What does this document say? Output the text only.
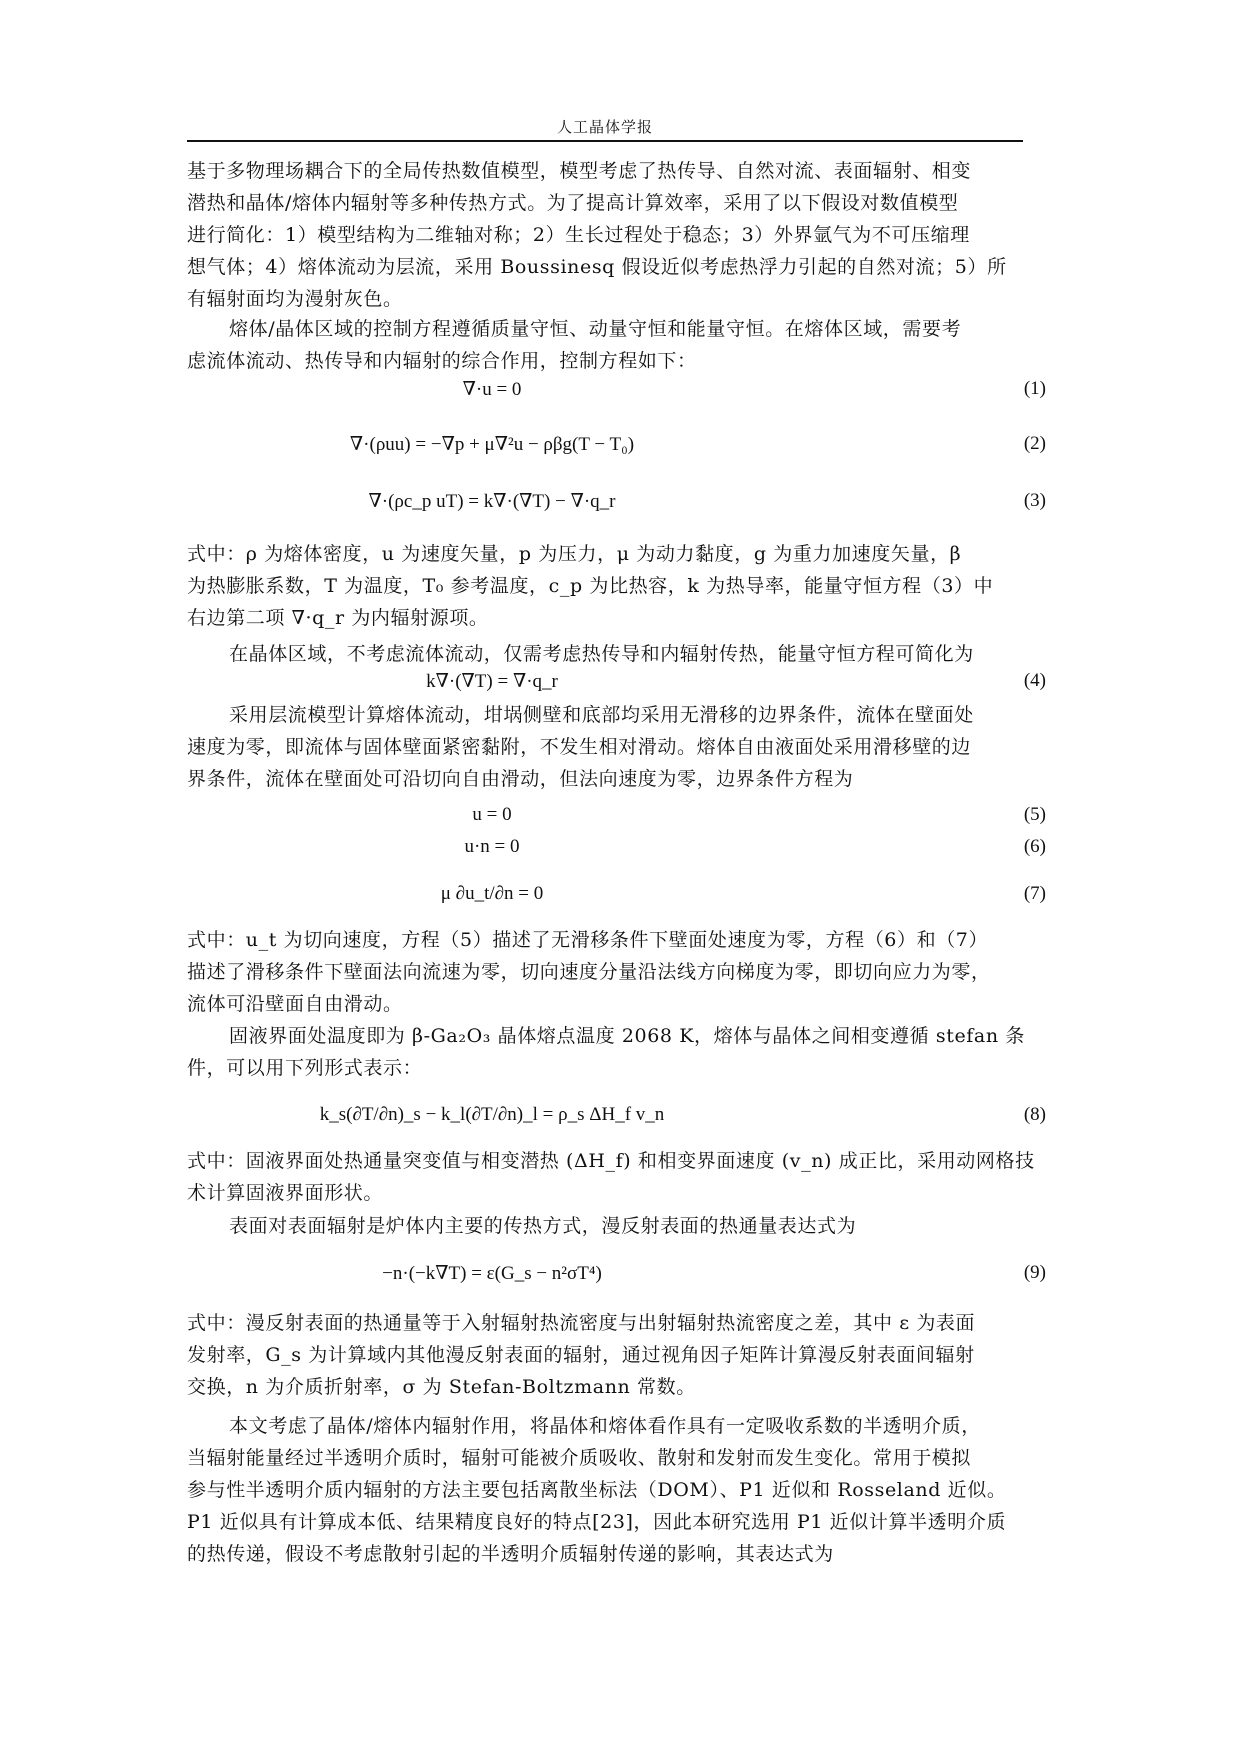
人工晶体学报
基于多物理场耦合下的全局传热数值模型，模型考虑了热传导、自然对流、表面辐射、相变
潜热和晶体/熔体内辐射等多种传热方式。为了提高计算效率，采用了以下假设对数值模型
进行简化：1）模型结构为二维轴对称；2）生长过程处于稳态；3）外界氩气为不可压缩理
想气体；4）熔体流动为层流，采用 Boussinesq 假设近似考虑热浮力引起的自然对流；5）所
有辐射面均为漫射灰色。
熔体/晶体区域的控制方程遵循质量守恒、动量守恒和能量守恒。在熔体区域，需要考
虑流体流动、热传导和内辐射的综合作用，控制方程如下：
∇·u = 0	(1)
∇·(ρuu) = −∇p + μ∇²u − ρβg(T − T₀)	(2)
∇·(ρc_p uT) = k∇·(∇T) − ∇·q_r	(3)
式中：ρ 为熔体密度，u 为速度矢量，p 为压力，μ 为动力黏度，g 为重力加速度矢量，β
为热膨胀系数，T 为温度，T₀ 参考温度，c_p 为比热容，k 为热导率，能量守恒方程（3）中
右边第二项 ∇·q_r 为内辐射源项。
在晶体区域，不考虑流体流动，仅需考虑热传导和内辐射传热，能量守恒方程可简化为
k∇·(∇T) = ∇·q_r	(4)
采用层流模型计算熔体流动，坩埚侧壁和底部均采用无滑移的边界条件，流体在壁面处
速度为零，即流体与固体壁面紧密黏附，不发生相对滑动。熔体自由液面处采用滑移壁的边
界条件，流体在壁面处可沿切向自由滑动，但法向速度为零，边界条件方程为
u = 0	(5)
u·n = 0	(6)
μ ∂u_t/∂n = 0	(7)
式中：u_t 为切向速度，方程（5）描述了无滑移条件下壁面处速度为零，方程（6）和（7）
描述了滑移条件下壁面法向流速为零，切向速度分量沿法线方向梯度为零，即切向应力为零，
流体可沿壁面自由滑动。
固液界面处温度即为 β-Ga₂O₃ 晶体熔点温度 2068 K，熔体与晶体之间相变遵循 stefan 条
件，可以用下列形式表示：
k_s(∂T/∂n)_s − k_l(∂T/∂n)_l = ρ_s ΔH_f v_n	(8)
式中：固液界面处热通量突变值与相变潜热 (ΔH_f) 和相变界面速度 (v_n) 成正比，采用动网格技
术计算固液界面形状。
表面对表面辐射是炉体内主要的传热方式，漫反射表面的热通量表达式为
−n·(−k∇T) = ε(G_s − n²σT⁴)	(9)
式中：漫反射表面的热通量等于入射辐射热流密度与出射辐射热流密度之差，其中 ε 为表面
发射率，G_s 为计算域内其他漫反射表面的辐射，通过视角因子矩阵计算漫反射表面间辐射
交换，n 为介质折射率，σ 为 Stefan-Boltzmann 常数。
本文考虑了晶体/熔体内辐射作用，将晶体和熔体看作具有一定吸收系数的半透明介质，
当辐射能量经过半透明介质时，辐射可能被介质吸收、散射和发射而发生变化。常用于模拟
参与性半透明介质内辐射的方法主要包括离散坐标法（DOM）、P1 近似和 Rosseland 近似。
P1 近似具有计算成本低、结果精度良好的特点[23]，因此本研究选用 P1 近似计算半透明介质
的热传递，假设不考虑散射引起的半透明介质辐射传递的影响，其表达式为
